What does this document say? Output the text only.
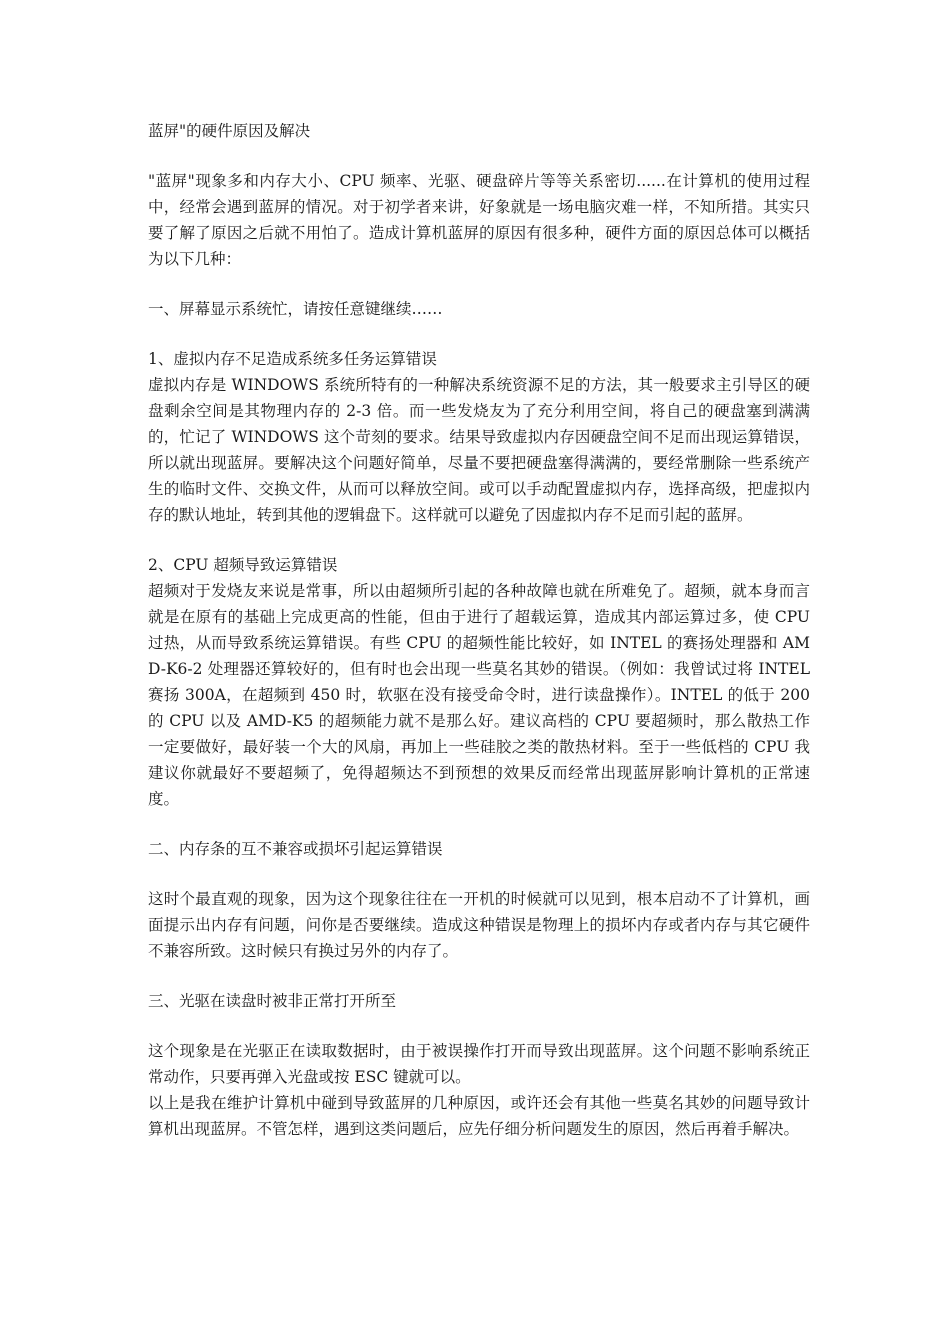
蓝屏"的硬件原因及解决

"蓝屏"现象多和内存大小、CPU 频率、光驱、硬盘碎片等等关系密切......在计算机的使用过程中，经常会遇到蓝屏的情况。对于初学者来讲，好象就是一场电脑灾难一样，不知所措。其实只要了解了原因之后就不用怕了。造成计算机蓝屏的原因有很多种，硬件方面的原因总体可以概括为以下几种：

一、屏幕显示系统忙，请按任意键继续……

1、虚拟内存不足造成系统多任务运算错误

虚拟内存是 WINDOWS 系统所特有的一种解决系统资源不足的方法，其一般要求主引导区的硬盘剩余空间是其物理内存的 2-3 倍。而一些发烧友为了充分利用空间，将自己的硬盘塞到满满的，忙记了 WINDOWS 这个苛刻的要求。结果导致虚拟内存因硬盘空间不足而出现运算错误，所以就出现蓝屏。要解决这个问题好简单，尽量不要把硬盘塞得满满的，要经常删除一些系统产生的临时文件、交换文件，从而可以释放空间。或可以手动配置虚拟内存，选择高级，把虚拟内存的默认地址，转到其他的逻辑盘下。这样就可以避免了因虚拟内存不足而引起的蓝屏。

2、CPU 超频导致运算错误

超频对于发烧友来说是常事，所以由超频所引起的各种故障也就在所难免了。超频，就本身而言就是在原有的基础上完成更高的性能，但由于进行了超载运算，造成其内部运算过多，使 CPU 过热，从而导致系统运算错误。有些 CPU 的超频性能比较好，如 INTEL 的赛扬处理器和 AMD-K6-2 处理器还算较好的，但有时也会出现一些莫名其妙的错误。（例如：我曾试过将 INTEL 赛扬 300A，在超频到 450 时，软驱在没有接受命令时，进行读盘操作）。INTEL 的低于 200 的 CPU 以及 AMD-K5 的超频能力就不是那么好。建议高档的 CPU 要超频时，那么散热工作一定要做好，最好装一个大的风扇，再加上一些硅胶之类的散热材料。至于一些低档的 CPU 我建议你就最好不要超频了，免得超频达不到预想的效果反而经常出现蓝屏影响计算机的正常速度。

二、内存条的互不兼容或损坏引起运算错误

这时个最直观的现象，因为这个现象往往在一开机的时候就可以见到，根本启动不了计算机，画面提示出内存有问题，问你是否要继续。造成这种错误是物理上的损坏内存或者内存与其它硬件不兼容所致。这时候只有换过另外的内存了。

三、光驱在读盘时被非正常打开所至

这个现象是在光驱正在读取数据时，由于被误操作打开而导致出现蓝屏。这个问题不影响系统正常动作，只要再弹入光盘或按 ESC 键就可以。

以上是我在维护计算机中碰到导致蓝屏的几种原因，或许还会有其他一些莫名其妙的问题导致计算机出现蓝屏。不管怎样，遇到这类问题后，应先仔细分析问题发生的原因，然后再着手解决。
